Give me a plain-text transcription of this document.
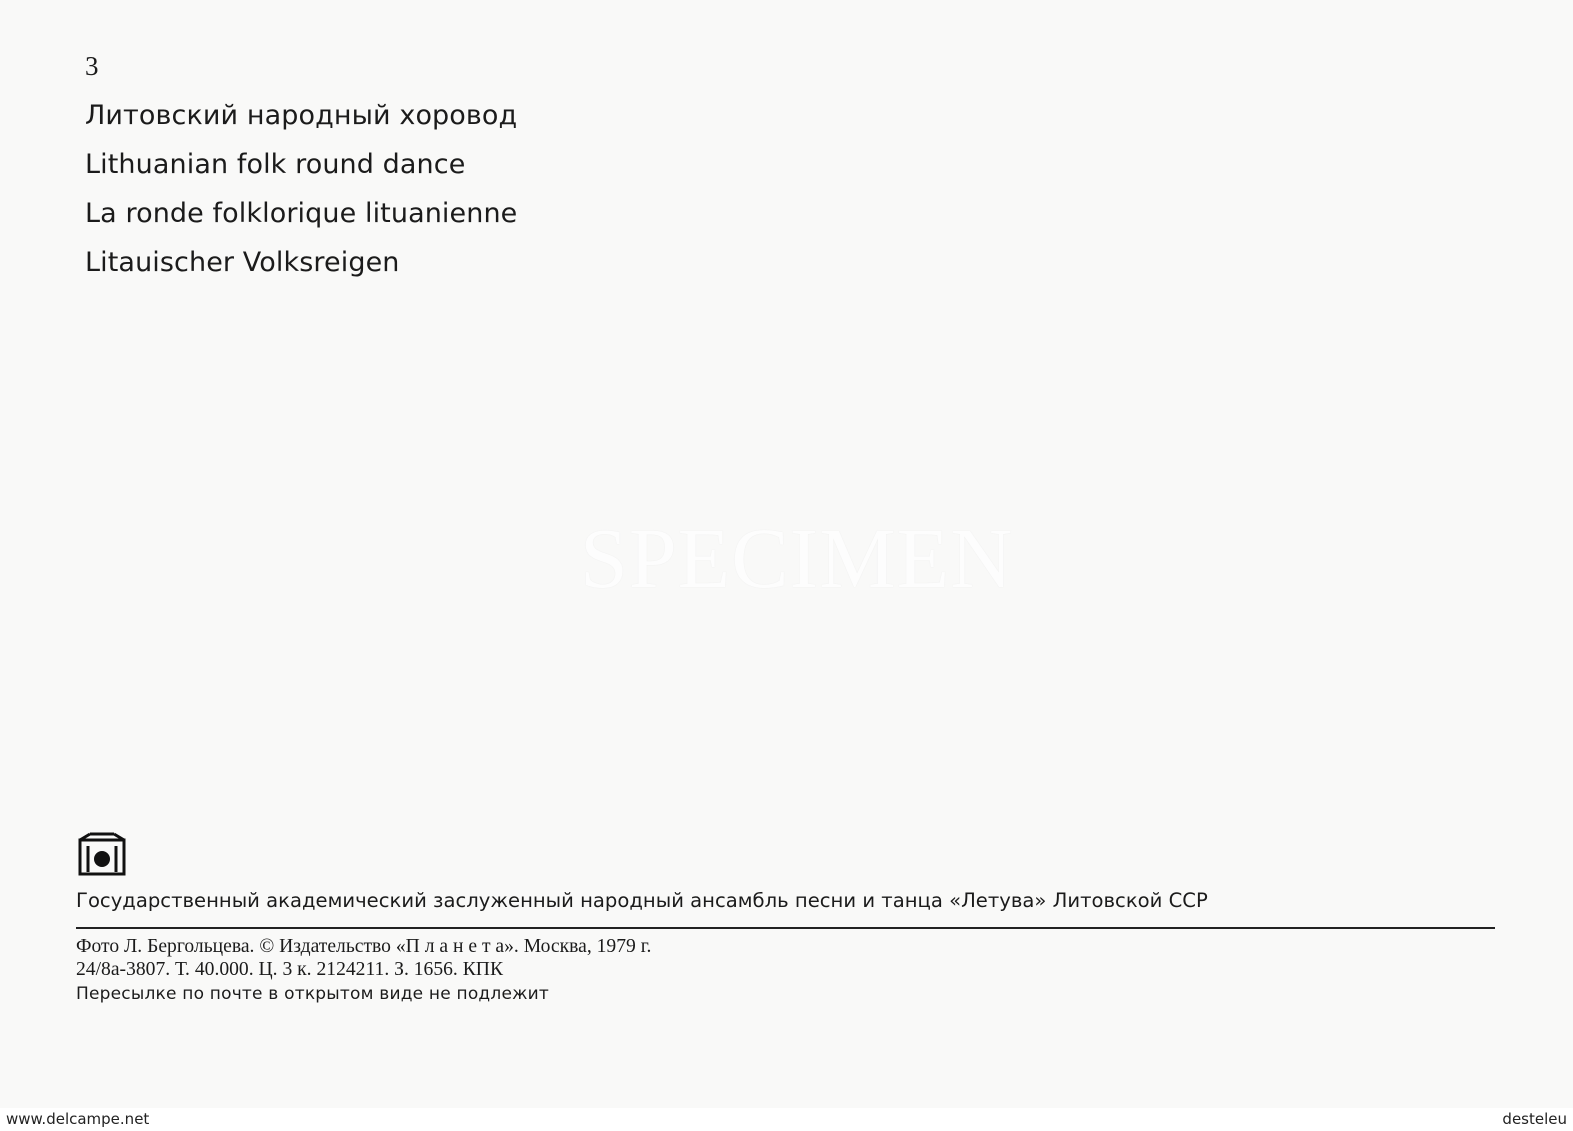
3
Литовский народный хоровод
Lithuanian folk round dance
La ronde folklorique lituanienne
Litauischer Volksreigen
SPECIMEN
Государственный академический заслуженный народный ансамбль песни и танца «Летува» Литовской ССР
Фото Л. Бергольцева. © Издательство «П л а н е т а». Москва, 1979 г.
24/8а-3807. Т. 40.000. Ц. 3 к. 2124211. З. 1656. КПК
Пересылке по почте в открытом виде не подлежит
www.delcampe.net	desteleu
